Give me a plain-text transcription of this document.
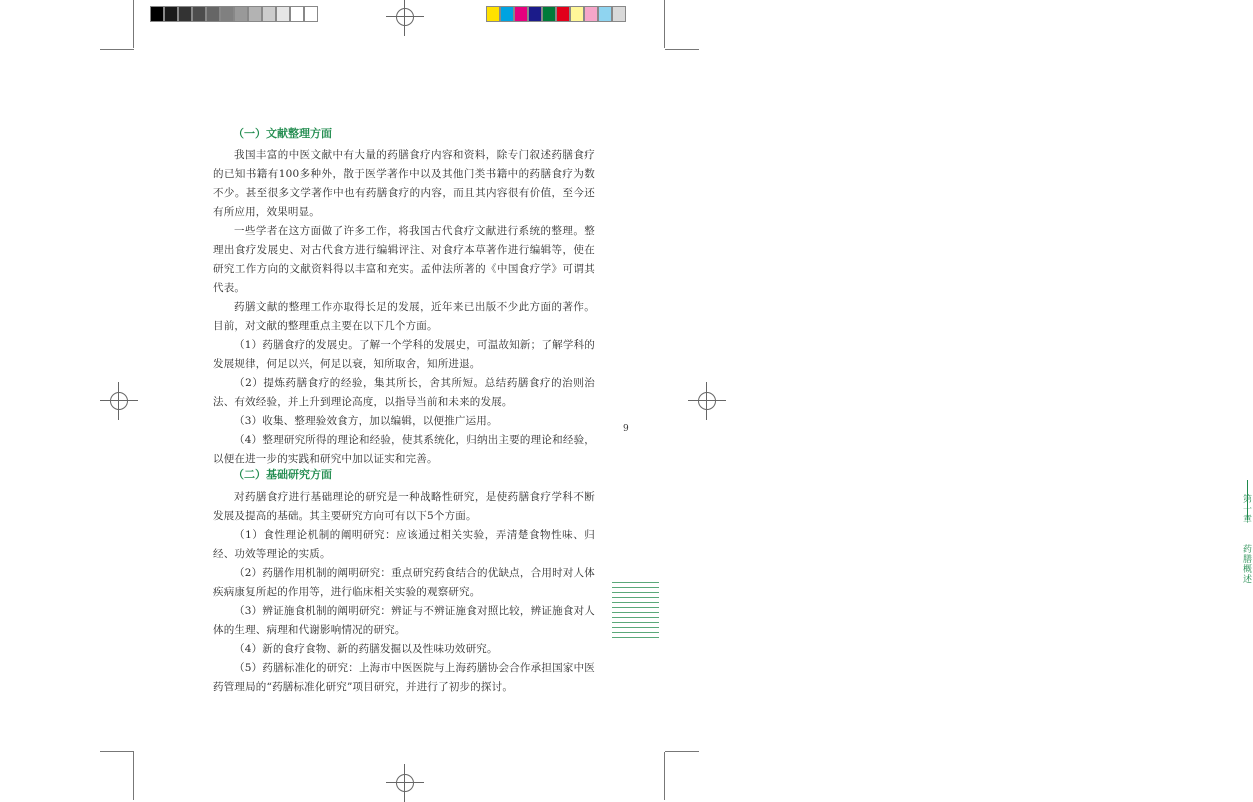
（一）文献整理方面

我国丰富的中医文献中有大量的药膳食疗内容和资料，除专门叙述药膳食疗的已知书籍有100多种外，散于医学著作中以及其他门类书籍中的药膳食疗为数不少。甚至很多文学著作中也有药膳食疗的内容，而且其内容很有价值，至今还有所应用，效果明显。

一些学者在这方面做了许多工作，将我国古代食疗文献进行系统的整理。整理出食疗发展史、对古代食方进行编辑评注、对食疗本草著作进行编辑等，使在研究工作方向的文献资料得以丰富和充实。孟仲法所著的《中国食疗学》可谓其代表。

药膳文献的整理工作亦取得长足的发展，近年来已出版不少此方面的著作。目前，对文献的整理重点主要在以下几个方面。

（1）药膳食疗的发展史。了解一个学科的发展史，可温故知新；了解学科的发展规律，何足以兴，何足以衰，知所取舍，知所进退。

（2）提炼药膳食疗的经验，集其所长，舍其所短。总结药膳食疗的治则治法、有效经验，并上升到理论高度，以指导当前和未来的发展。

（3）收集、整理验效食方，加以编辑，以便推广运用。

（4）整理研究所得的理论和经验，使其系统化，归纳出主要的理论和经验，以便在进一步的实践和研究中加以证实和完善。

（二）基础研究方面

对药膳食疗进行基础理论的研究是一种战略性研究，是使药膳食疗学科不断发展及提高的基础。其主要研究方向可有以下5个方面。

（1）食性理论机制的阐明研究：应该通过相关实验，弄清楚食物性味、归经、功效等理论的实质。

（2）药膳作用机制的阐明研究：重点研究药食结合的优缺点，合用时对人体疾病康复所起的作用等，进行临床相关实验的观察研究。

（3）辨证施食机制的阐明研究：辨证与不辨证施食对照比较，辨证施食对人体的生理、病理和代谢影响情况的研究。

（4）新的食疗食物、新的药膳发掘以及性味功效研究。

（5）药膳标准化的研究：上海市中医医院与上海药膳协会合作承担国家中医药管理局的“药膳标准化研究”项目研究，并进行了初步的探讨。

9
第一章
药膳概述
